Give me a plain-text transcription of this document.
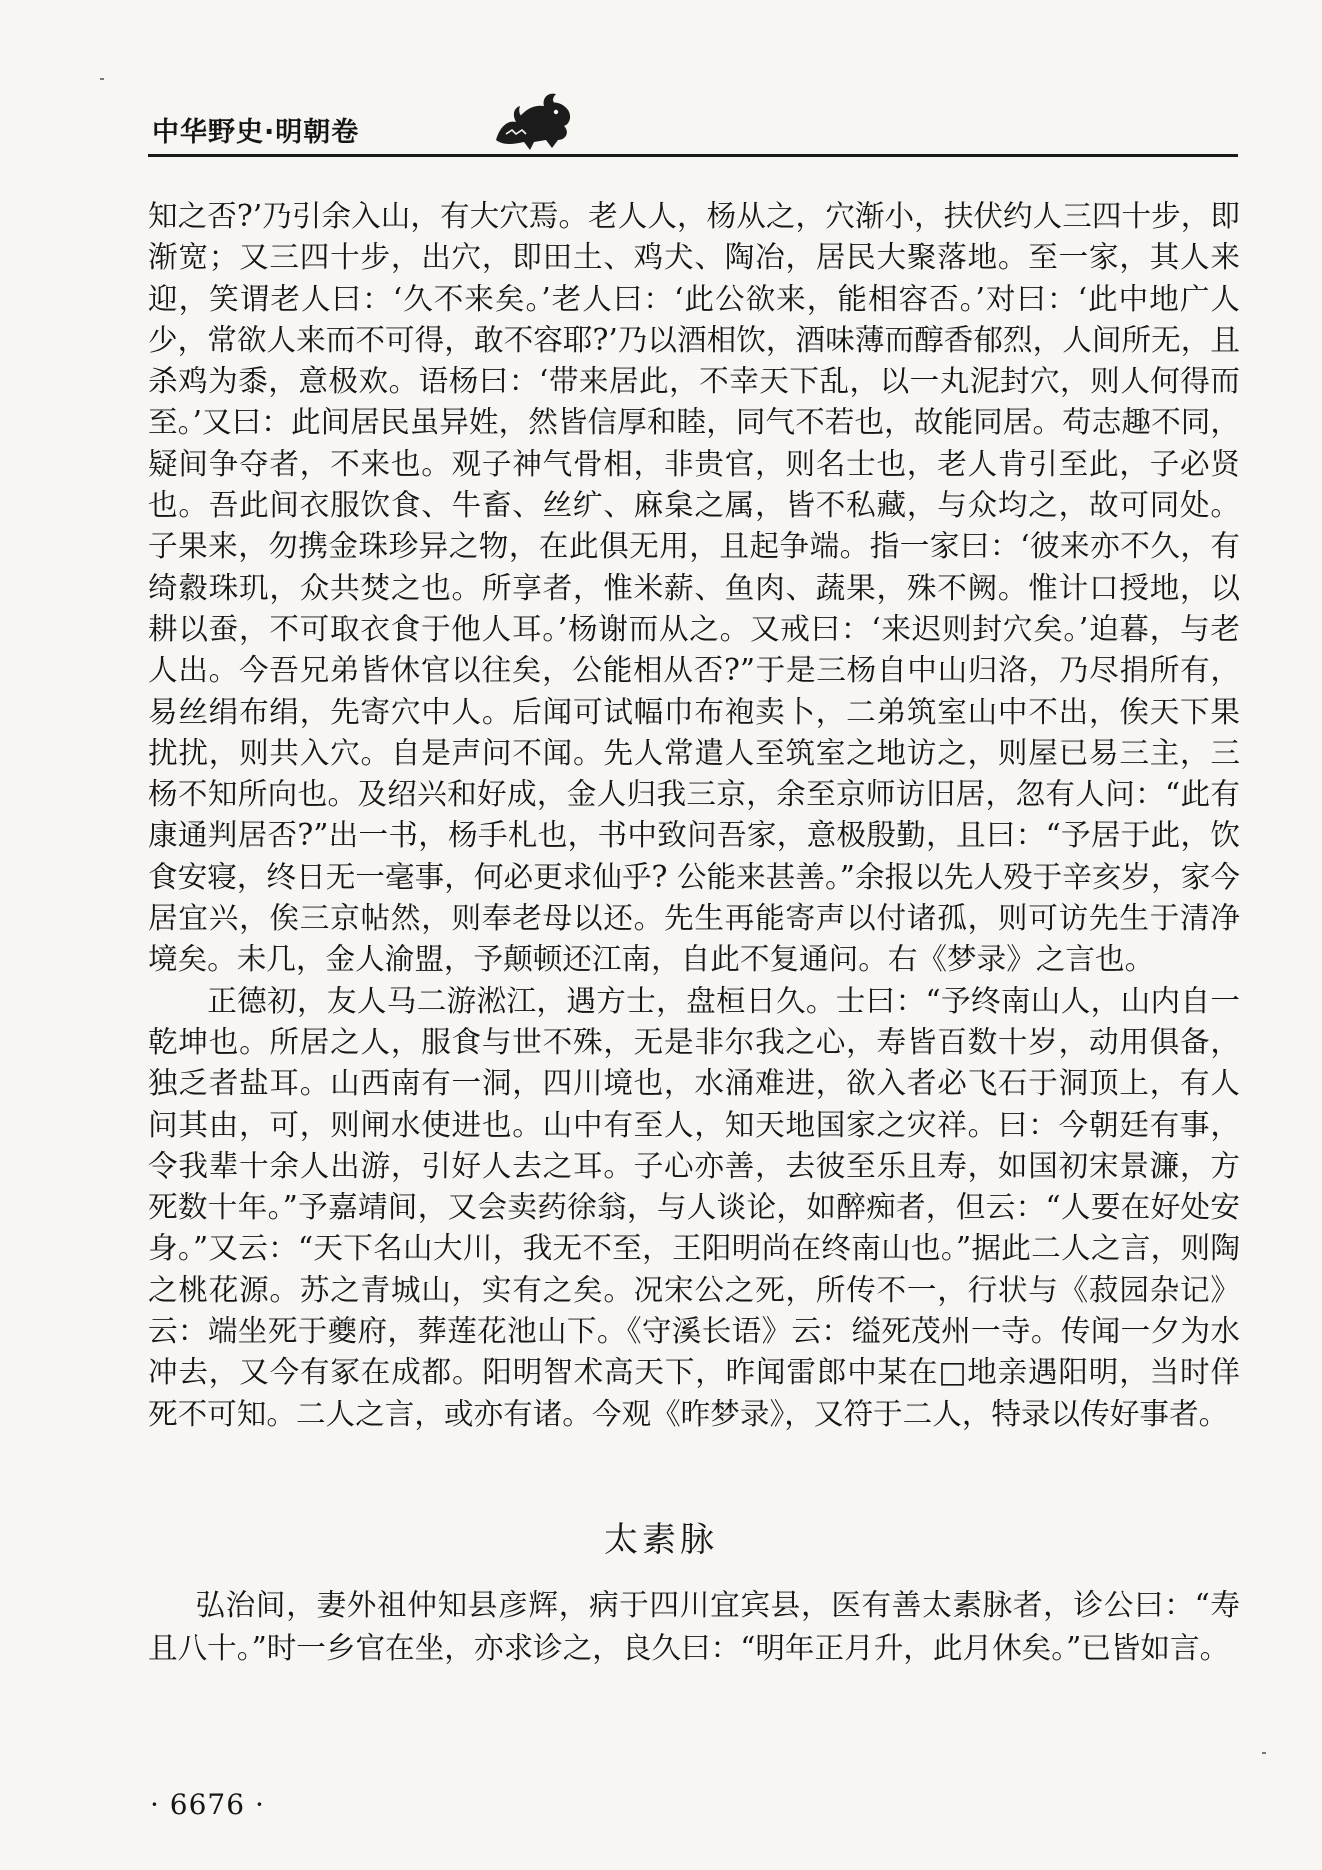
中华野史·明朝卷

知之否?’乃引余入山，有大穴焉。老人人，杨从之，穴渐小，扶伏约人三四十步，即渐宽；又三四十步，出穴，即田土、鸡犬、陶冶，居民大聚落地。至一家，其人来迎，笑谓老人曰：‘久不来矣。’老人曰：‘此公欲来，能相容否。’对曰：‘此中地广人少，常欲人来而不可得，敢不容耶?’乃以酒相饮，酒味薄而醇香郁烈，人间所无，且杀鸡为黍，意极欢。语杨曰：‘带来居此，不幸天下乱，以一丸泥封穴，则人何得而至。’又曰：此间居民虽异姓，然皆信厚和睦，同气不若也，故能同居。苟志趣不同，疑间争夺者，不来也。观子神气骨相，非贵官，则名士也，老人肯引至此，子必贤也。吾此间衣服饮食、牛畜、丝纩、麻枲之属，皆不私藏，与众均之，故可同处。子果来，勿携金珠珍异之物，在此俱无用，且起争端。指一家曰：‘彼来亦不久，有绮縠珠玑，众共焚之也。所享者，惟米薪、鱼肉、蔬果，殊不阙。惟计口授地，以耕以蚕，不可取衣食于他人耳。’杨谢而从之。又戒曰：‘来迟则封穴矣。’迫暮，与老人出。今吾兄弟皆休官以往矣，公能相从否?”于是三杨自中山归洛，乃尽捐所有，易丝绢布绢，先寄穴中人。后闻可试幅巾布袍卖卜，二弟筑室山中不出，俟天下果扰扰，则共入穴。自是声问不闻。先人常遣人至筑室之地访之，则屋已易三主，三杨不知所向也。及绍兴和好成，金人归我三京，余至京师访旧居，忽有人问：“此有康通判居否?”出一书，杨手札也，书中致问吾家，意极殷勤，且曰：“予居于此，饮食安寝，终日无一毫事，何必更求仙乎? 公能来甚善。”余报以先人殁于辛亥岁，家今居宜兴，俟三京帖然，则奉老母以还。先生再能寄声以付诸孤，则可访先生于清净境矣。未几，金人渝盟，予颠顿还江南，自此不复通问。右《梦录》之言也。

正德初，友人马二游淞江，遇方士，盘桓日久。士曰：“予终南山人，山内自一乾坤也。所居之人，服食与世不殊，无是非尔我之心，寿皆百数十岁，动用俱备，独乏者盐耳。山西南有一洞，四川境也，水涌难进，欲入者必飞石于洞顶上，有人问其由，可，则闸水使进也。山中有至人，知天地国家之灾祥。曰：今朝廷有事，令我辈十余人出游，引好人去之耳。子心亦善，去彼至乐且寿，如国初宋景濂，方死数十年。”予嘉靖间，又会卖药徐翁，与人谈论，如醉痴者，但云：“人要在好处安身。”又云：“天下名山大川，我无不至，王阳明尚在终南山也。”据此二人之言，则陶之桃花源。苏之青城山，实有之矣。况宋公之死，所传不一，行状与《菽园杂记》云：端坐死于夔府，葬莲花池山下。《守溪长语》云：缢死茂州一寺。传闻一夕为水冲去，又今有冢在成都。阳明智术高天下，昨闻雷郎中某在□地亲遇阳明，当时佯死不可知。二人之言，或亦有诸。今观《昨梦录》，又符于二人，特录以传好事者。

太素脉

弘治间，妻外祖仲知县彦辉，病于四川宜宾县，医有善太素脉者，诊公曰：“寿且八十。”时一乡官在坐，亦求诊之，良久曰：“明年正月升，此月休矣。”已皆如言。

· 6676 ·
